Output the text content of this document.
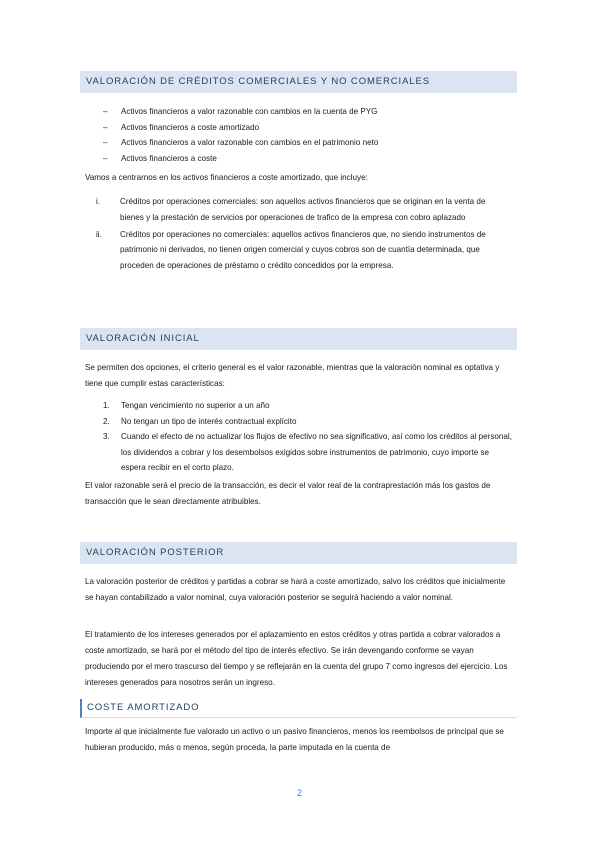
VALORACIÓN DE CRÉDITOS COMERCIALES Y NO COMERCIALES
– Activos financieros a valor razonable con cambios en la cuenta de PYG
– Activos financieros a coste amortizado
– Activos financieros a valor razonable con cambios en el patrimonio neto
– Activos financieros a coste

Vamos a centrarnos en los activos financieros a coste amortizado, que incluye:

i. Créditos por operaciones comerciales: son aquellos activos financieros que se originan en la venta de bienes y la prestación de servicios por operaciones de trafico de la empresa con cobro aplazado
ii. Créditos por operaciones no comerciales: aquellos activos financieros que, no siendo instrumentos de patrimonio ni derivados, no tienen origen comercial y cuyos cobros son de cuantía determinada, que proceden de operaciones de préstamo o crédito concedidos por la empresa.
VALORACIÓN INICIAL

Se permiten dos opciones, el criterio general es el valor razonable, mientras que la valoración nominal es optativa y tiene que cumplir estas características:

1. Tengan vencimiento no superior a un año
2. No tengan un tipo de interés contractual explícito
3. Cuando el efecto de no actualizar los flujos de efectivo no sea significativo, así como los créditos al personal, los dividendos a cobrar y los desembolsos exigidos sobre instrumentos de patrimonio, cuyo importe se espera recibir en el corto plazo.

El valor razonable será el precio de la transacción, es decir el valor real de la contraprestación más los gastos de transacción que le sean directamente atribuibles.

VALORACIÓN POSTERIOR

La valoración posterior de créditos y partidas a cobrar se hará a coste amortizado, salvo los créditos que inicialmente se hayan contabilizado a valor nominal, cuya valoración posterior se seguirá haciendo a valor nominal.

El tratamiento de los intereses generados por el aplazamiento en estos créditos y otras partida a cobrar valorados a coste amortizado, se hará por el método del tipo de interés efectivo. Se irán devengando conforme se vayan produciendo por el mero trascurso del tiempo y se reflejarán en la cuenta del grupo 7 como ingresos del ejercicio. Los intereses generados para nosotros serán un ingreso.

COSTE AMORTIZADO

Importe al que inicialmente fue valorado un activo o un pasivo financieros, menos los reembolsos de principal que se hubieran producido, más o menos, según proceda, la parte imputada en la cuenta de

2
